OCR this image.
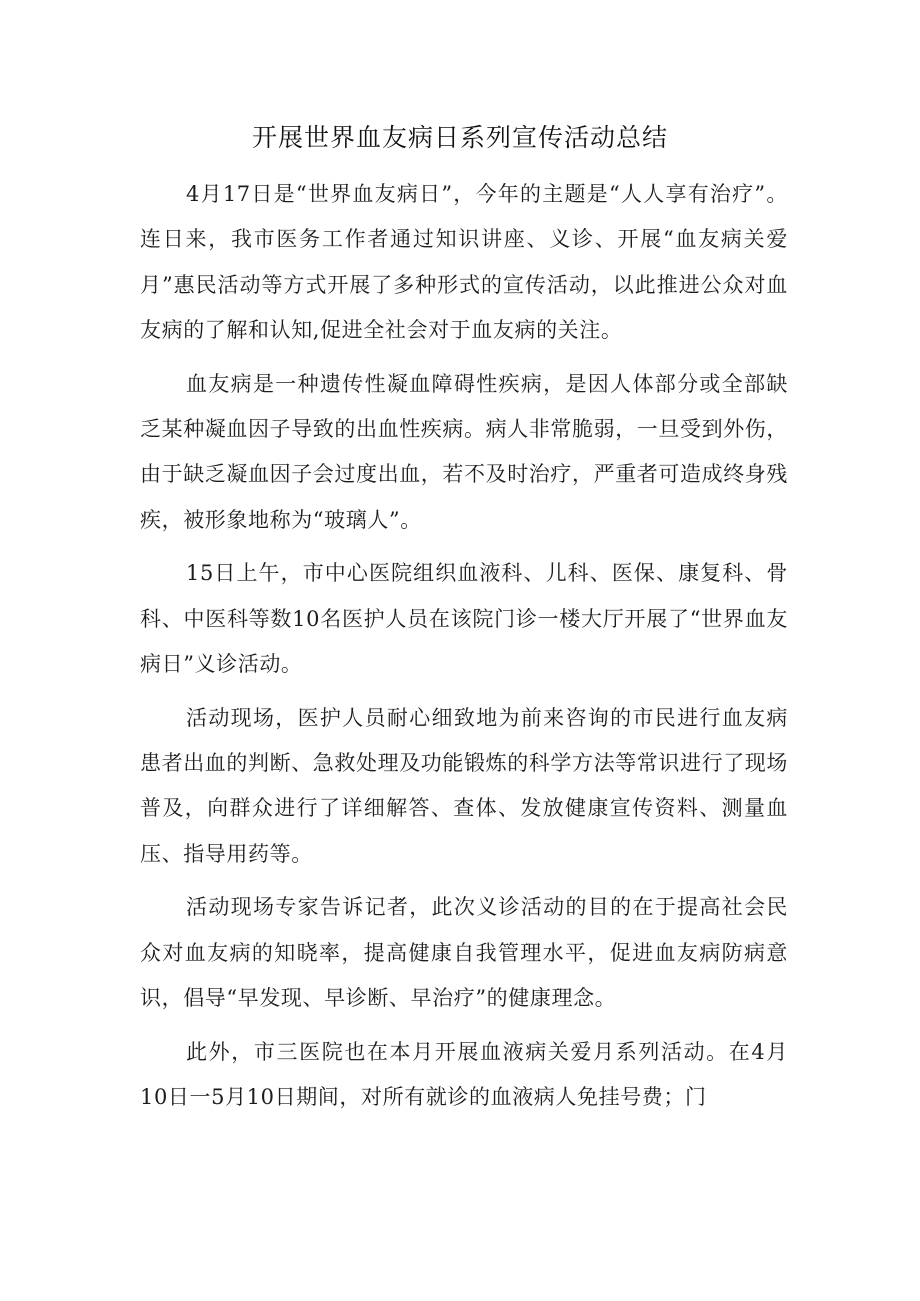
开展世界血友病日系列宣传活动总结

4月17日是“世界血友病日”，今年的主题是“人人享有治疗”。连日来，我市医务工作者通过知识讲座、义诊、开展“血友病关爱月”惠民活动等方式开展了多种形式的宣传活动，以此推进公众对血友病的了解和认知,促进全社会对于血友病的关注。

血友病是一种遗传性凝血障碍性疾病，是因人体部分或全部缺乏某种凝血因子导致的出血性疾病。病人非常脆弱，一旦受到外伤，由于缺乏凝血因子会过度出血，若不及时治疗，严重者可造成终身残疾，被形象地称为“玻璃人”。

15日上午，市中心医院组织血液科、儿科、医保、康复科、骨科、中医科等数10名医护人员在该院门诊一楼大厅开展了“世界血友病日”义诊活动。

活动现场，医护人员耐心细致地为前来咨询的市民进行血友病患者出血的判断、急救处理及功能锻炼的科学方法等常识进行了现场普及，向群众进行了详细解答、查体、发放健康宣传资料、测量血压、指导用药等。

活动现场专家告诉记者，此次义诊活动的目的在于提高社会民众对血友病的知晓率，提高健康自我管理水平，促进血友病防病意识，倡导“早发现、早诊断、早治疗”的健康理念。

此外，市三医院也在本月开展血液病关爱月系列活动。在4月10日一5月10日期间，对所有就诊的血液病人免挂号费；门
